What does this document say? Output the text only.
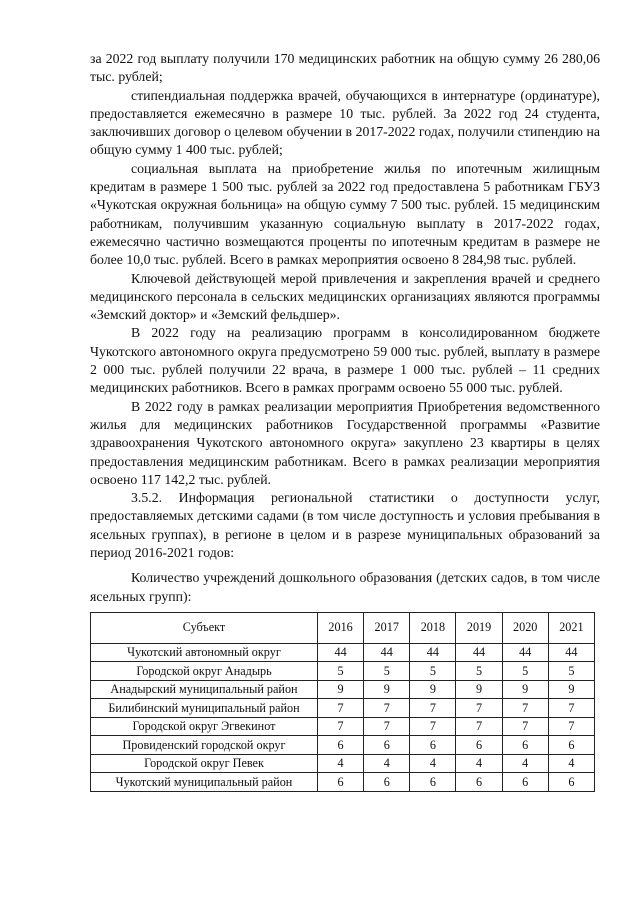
за 2022 год выплату получили 170 медицинских работник на общую сумму 26 280,06 тыс. рублей;

стипендиальная поддержка врачей, обучающихся в интернатуре (ординатуре), предоставляется ежемесячно в размере 10 тыс. рублей. За 2022 год 24 студента, заключивших договор о целевом обучении в 2017-2022 годах, получили стипендию на общую сумму 1 400 тыс. рублей;

социальная выплата на приобретение жилья по ипотечным жилищным кредитам в размере 1 500 тыс. рублей за 2022 год предоставлена 5 работникам ГБУЗ «Чукотская окружная больница» на общую сумму 7 500 тыс. рублей. 15 медицинским работникам, получившим указанную социальную выплату в 2017-2022 годах, ежемесячно частично возмещаются проценты по ипотечным кредитам в размере не более 10,0 тыс. рублей. Всего в рамках мероприятия освоено 8 284,98 тыс. рублей.

Ключевой действующей мерой привлечения и закрепления врачей и среднего медицинского персонала в сельских медицинских организациях являются программы «Земский доктор» и «Земский фельдшер».

В 2022 году на реализацию программ в консолидированном бюджете Чукотского автономного округа предусмотрено 59 000 тыс. рублей, выплату в размере 2 000 тыс. рублей получили 22 врача, в размере 1 000 тыс. рублей – 11 средних медицинских работников. Всего в рамках программ освоено 55 000 тыс. рублей.

В 2022 году в рамках реализации мероприятия Приобретения ведомственного жилья для медицинских работников Государственной программы «Развитие здравоохранения Чукотского автономного округа» закуплено 23 квартиры в целях предоставления медицинским работникам. Всего в рамках реализации мероприятия освоено 117 142,2 тыс. рублей.

3.5.2. Информация региональной статистики о доступности услуг, предоставляемых детскими садами (в том числе доступность и условия пребывания в ясельных группах), в регионе в целом и в разрезе муниципальных образований за период 2016-2021 годов:

Количество учреждений дошкольного образования (детских садов, в том числе ясельных групп):

Субъект	2016	2017	2018	2019	2020	2021
Чукотский автономный округ	44	44	44	44	44	44
Городской округ Анадырь	5	5	5	5	5	5
Анадырский муниципальный район	9	9	9	9	9	9
Билибинский муниципальный район	7	7	7	7	7	7
Городской округ Эгвекинот	7	7	7	7	7	7
Провиденский городской округ	6	6	6	6	6	6
Городской округ Певек	4	4	4	4	4	4
Чукотский муниципальный район	6	6	6	6	6	6
